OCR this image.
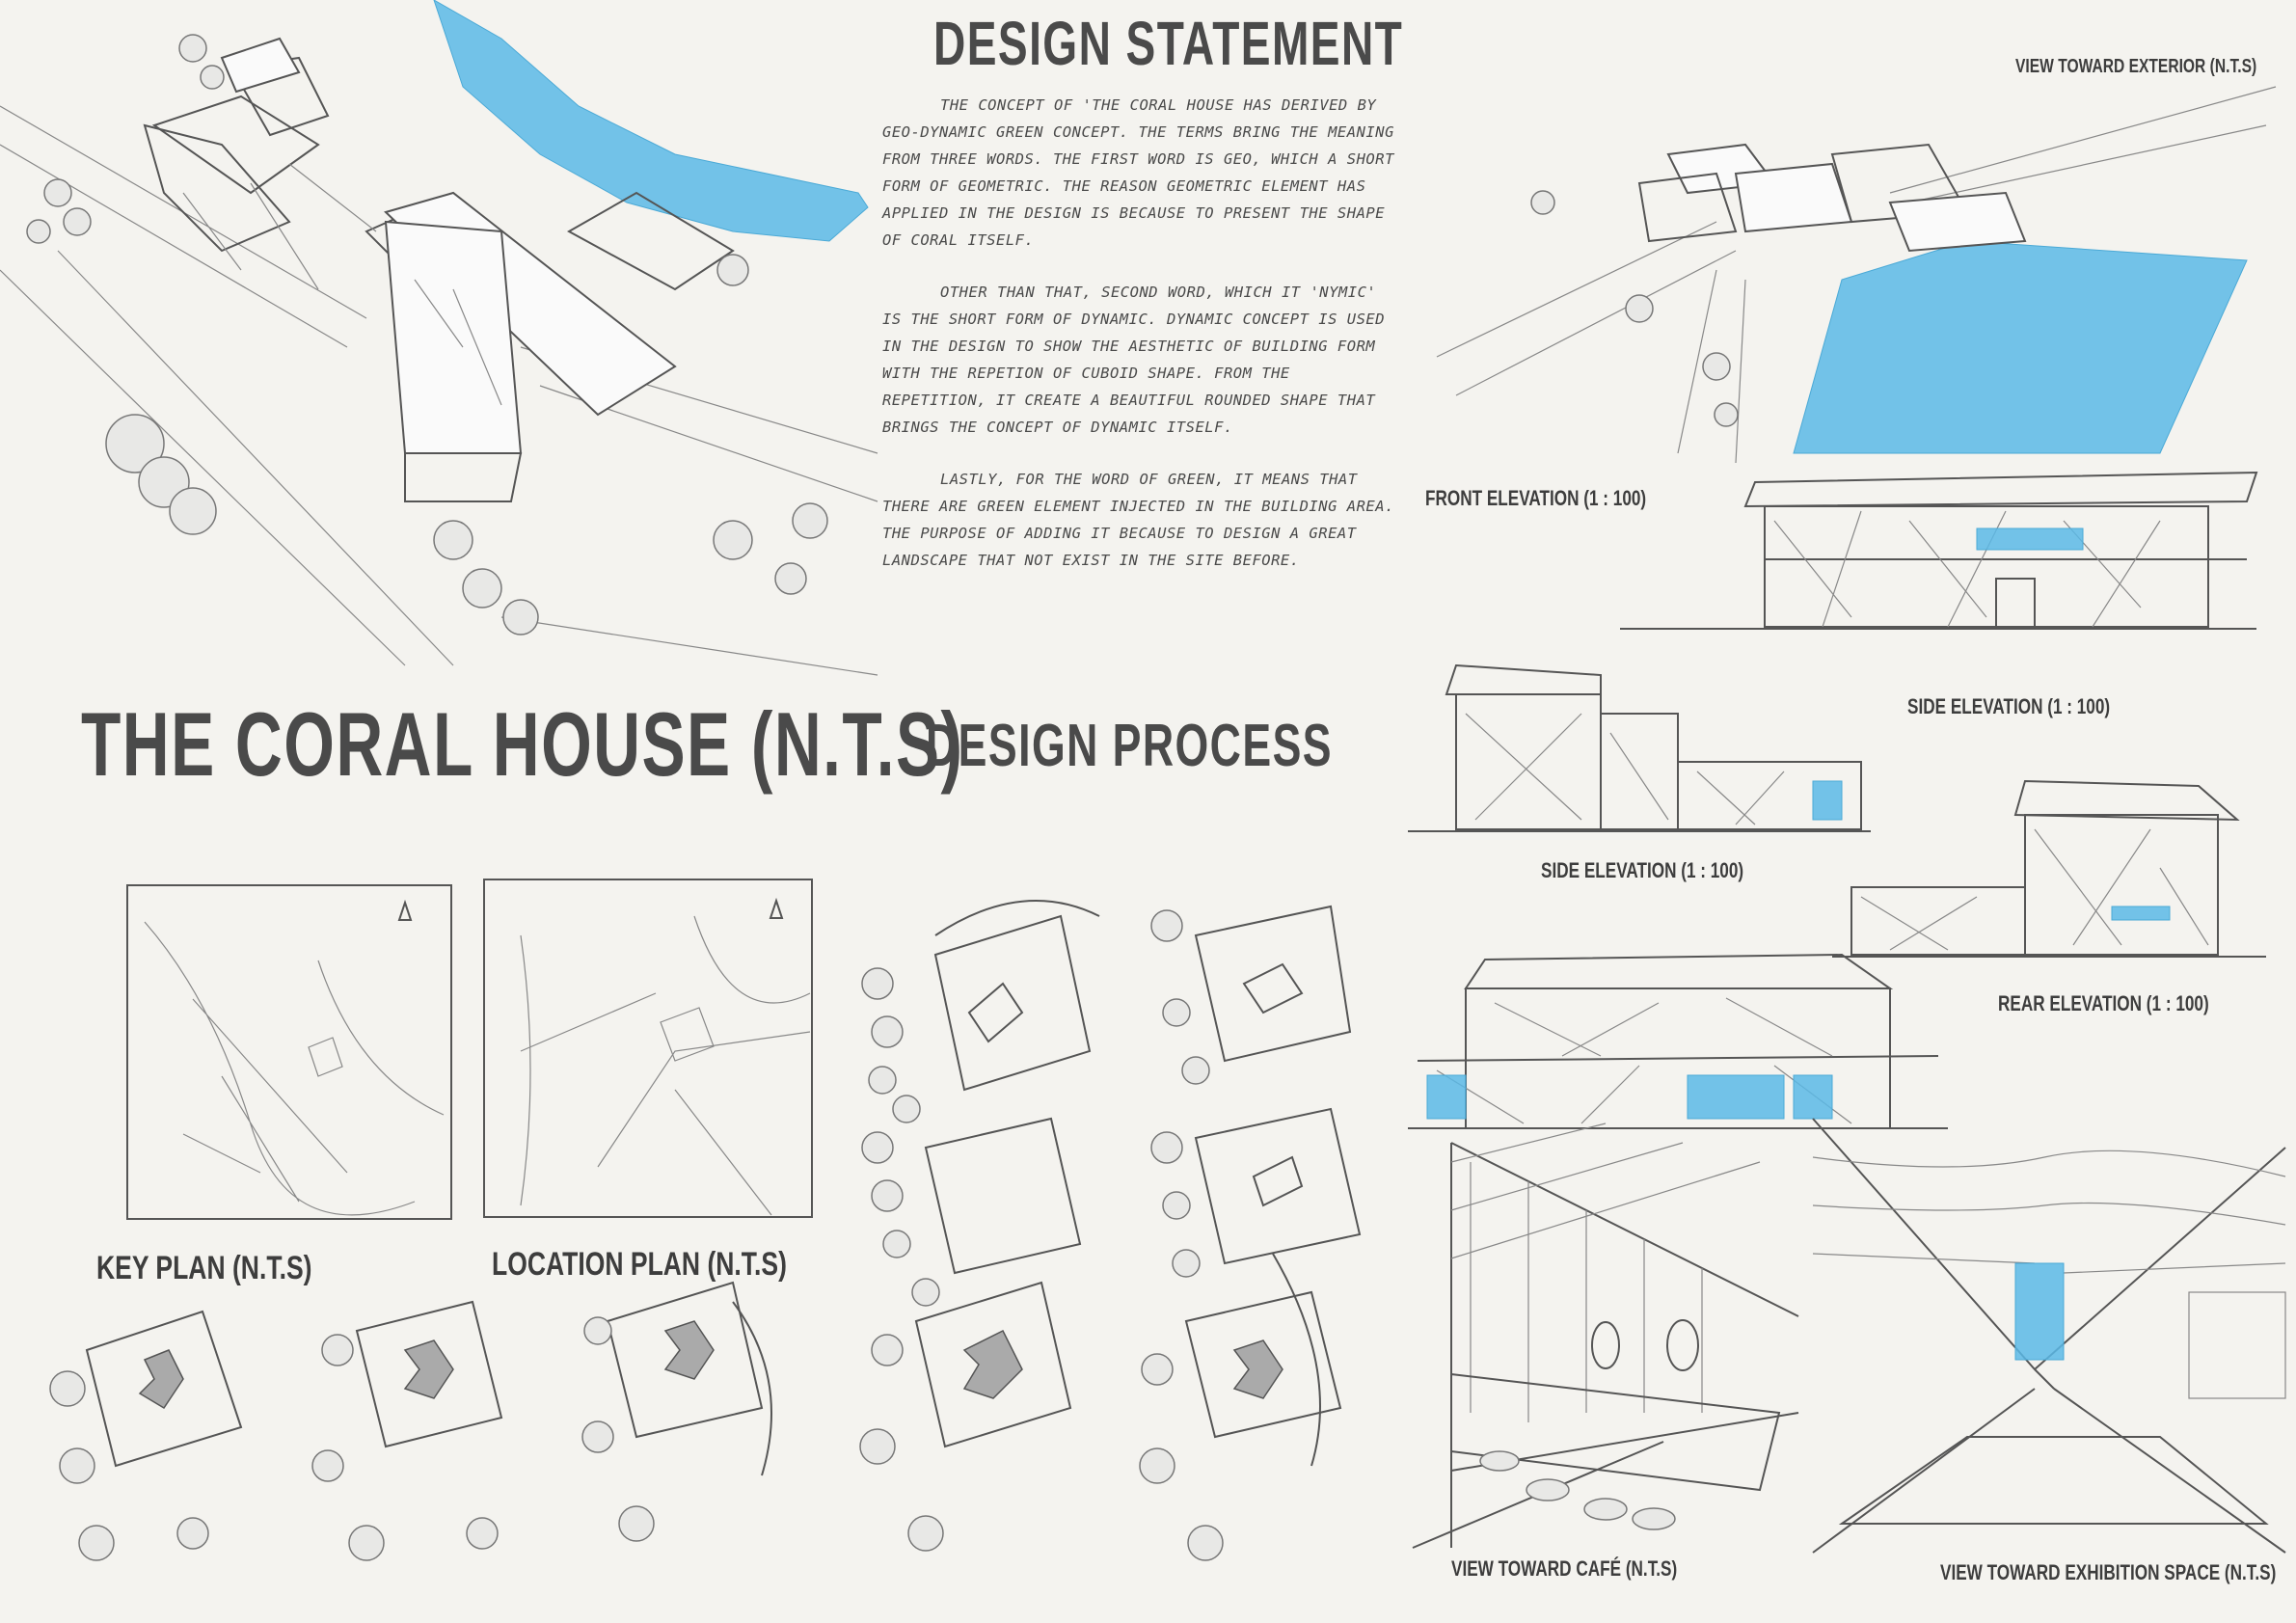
DESIGN STATEMENT

THE CONCEPT OF 'THE CORAL HOUSE HAS DERIVED BY GEO-DYNAMIC GREEN CONCEPT. THE TERMS BRING THE MEANING FROM THREE WORDS. THE FIRST WORD IS GEO, WHICH A SHORT FORM OF GEOMETRIC. THE REASON GEOMETRIC ELEMENT HAS APPLIED IN THE DESIGN IS BECAUSE TO PRESENT THE SHAPE OF CORAL ITSELF.

OTHER THAN THAT, SECOND WORD, WHICH IT 'NYMIC' IS THE SHORT FORM OF DYNAMIC. DYNAMIC CONCEPT IS USED IN THE DESIGN TO SHOW THE AESTHETIC OF BUILDING FORM WITH THE REPETION OF CUBOID SHAPE. FROM THE REPETITION, IT CREATE A BEAUTIFUL ROUNDED SHAPE THAT BRINGS THE CONCEPT OF DYNAMIC ITSELF.

LASTLY, FOR THE WORD OF GREEN, IT MEANS THAT THERE ARE GREEN ELEMENT INJECTED IN THE BUILDING AREA. THE PURPOSE OF ADDING IT BECAUSE TO DESIGN A GREAT LANDSCAPE THAT NOT EXIST IN THE SITE BEFORE.

THE CORAL HOUSE (N.T.S)
DESIGN PROCESS
KEY PLAN (N.T.S)	LOCATION PLAN (N.T.S)
VIEW TOWARD EXTERIOR (N.T.S)
FRONT ELEVATION (1 : 100)
SIDE ELEVATION (1 : 100)
SIDE ELEVATION (1 : 100)
REAR ELEVATION (1 : 100)
VIEW TOWARD CAFÉ (N.T.S)	VIEW TOWARD EXHIBITION SPACE (N.T.S)
